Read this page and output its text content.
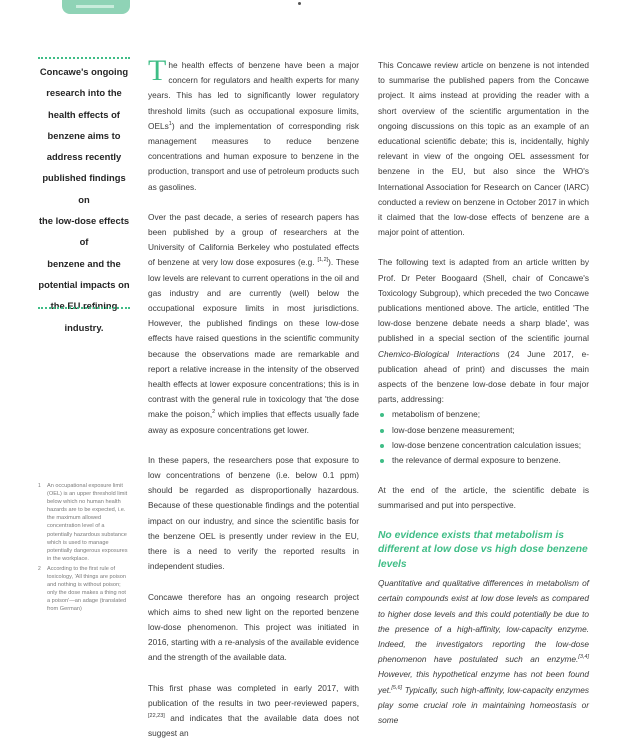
Concawe's ongoing
research into the
health effects of
benzene aims to
address recently
published findings on
the low-dose effects of
benzene and the
potential impacts on
the EU refining
industry.
1	An occupational exposure limit (OEL) is an upper threshold limit below which no human health hazards are to be expected, i.e. the maximum allowed concentration level of a potentially hazardous substance which is used to manage potentially dangerous exposures in the workplace.
2	According to the first rule of toxicology, 'All things are poison and nothing is without poison; only the dose makes a thing not a poison'—an adage (translated from German)

The health effects of benzene have been a major concern for regulators and health experts for many years. This has led to significantly lower regulatory threshold limits (such as occupational exposure limits, OELs$^1$) and the implementation of corresponding risk management measures to reduce benzene concentrations and human exposure to benzene in the production, transport and use of petroleum products such as gasolines.

Over the past decade, a series of research papers has been published by a group of researchers at the University of California Berkeley who postulated effects of benzene at very low dose exposures (e.g. [1,2]). These low levels are relevant to current operations in the oil and gas industry and are currently (well) below the occupational exposure limits in most jurisdictions. However, the published findings on these low-dose effects have raised questions in the scientific community because the observations made are remarkable and report a relative increase in the intensity of the observed health effects at lower exposure concentrations; this is in contrast with the general rule in toxicology that 'the dose make the poison,$^2$ which implies that effects usually fade away as exposure concentrations get lower.

In these papers, the researchers pose that exposure to low concentrations of benzene (i.e. below 0.1 ppm) should be regarded as disproportionally hazardous. Because of these questionable findings and the potential impact on our industry, and since the scientific basis for the benzene OEL is presently under review in the EU, there is a need to verify the reported results in independent studies.

Concawe therefore has an ongoing research project which aims to shed new light on the reported benzene low-dose phenomenon. This project was initiated in 2016, starting with a re-analysis of the available evidence and the strength of the available data.

This first phase was completed in early 2017, with publication of the results in two peer-reviewed papers,[22,23] and indicates that the available data does not suggest an

This Concawe review article on benzene is not intended to summarise the published papers from the Concawe project. It aims instead at providing the reader with a short overview of the scientific argumentation in the ongoing discussions on this topic as an example of an educational scientific debate; this is, incidentally, highly relevant in view of the ongoing OEL assessment for benzene in the EU, but also since the WHO's International Association for Research on Cancer (IARC) conducted a review on benzene in October 2017 in which it claimed that the low-dose effects of benzene are a major point of attention.

The following text is adapted from an article written by Prof. Dr Peter Boogaard (Shell, chair of Concawe's Toxicology Subgroup), which preceded the two Concawe publications mentioned above. The article, entitled 'The low-dose benzene debate needs a sharp blade', was published in a special section of the scientific journal Chemico-Biological Interactions (24 June 2017, e-publication ahead of print) and discusses the main aspects of the benzene low-dose debate in four major parts, addressing:

metabolism of benzene;
low-dose benzene measurement;
low-dose benzene concentration calculation issues;
the relevance of dermal exposure to benzene.

At the end of the article, the scientific debate is summarised and put into perspective.

No evidence exists that metabolism is different at low dose vs high dose benzene levels

Quantitative and qualitative differences in metabolism of certain compounds exist at low dose levels as compared to higher dose levels and this could potentially be due to the presence of a high-affinity, low-capacity enzyme. Indeed, the investigators reporting the low-dose phenomenon have postulated such an enzyme.[3,4] However, this hypothetical enzyme has not been found yet.[5,6] Typically, such high-affinity, low-capacity enzymes play some crucial role in maintaining homeostasis or some
